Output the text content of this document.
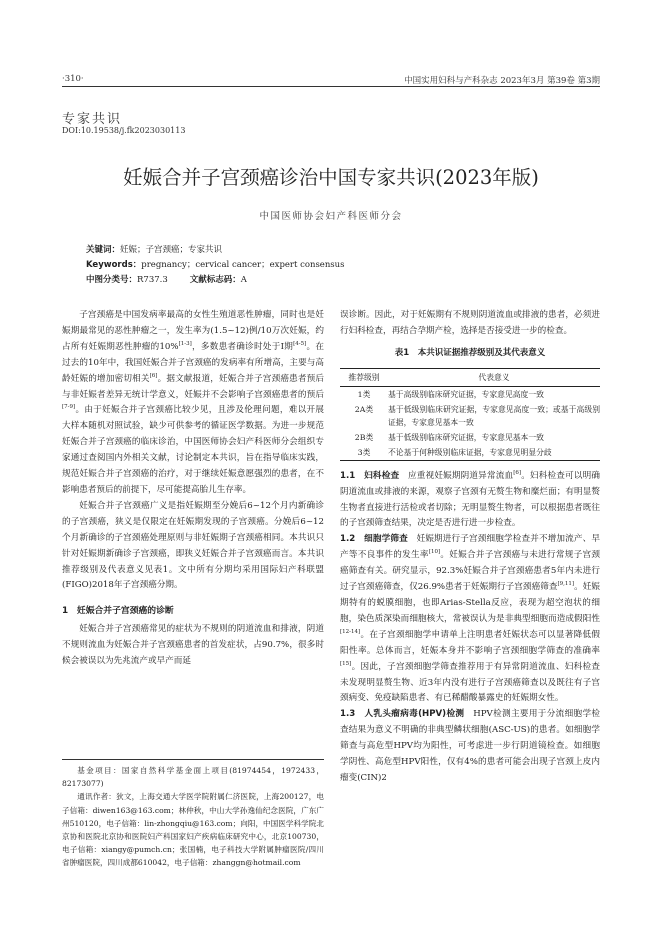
·310·	中国实用妇科与产科杂志 2023年3月 第39卷 第3期
专家共识
DOI:10.19538/j.fk2023030113
妊娠合并子宫颈癌诊治中国专家共识(2023年版)
中国医师协会妇产科医师分会
关键词：妊娠；子宫颈癌；专家共识
Keywords：pregnancy；cervical cancer；expert consensus
中图分类号：R737.3	文献标志码：A

子宫颈癌是中国发病率最高的女性生殖道恶性肿瘤，同时也是妊娠期最常见的恶性肿瘤之一，发生率为(1.5~12)例/10万次妊娠，约占所有妊娠期恶性肿瘤的10%[1-3]，多数患者确诊时处于Ⅰ期[4-5]。在过去的10年中，我国妊娠合并子宫颈癌的发病率有所增高，主要与高龄妊娠的增加密切相关[6]。据文献报道，妊娠合并子宫颈癌患者预后与非妊娠者差异无统计学意义，妊娠并不会影响子宫颈癌患者的预后[7-9]。由于妊娠合并子宫颈癌比较少见，且涉及伦理问题，难以开展大样本随机对照试验，缺少可供参考的循证医学数据。为进一步规范妊娠合并子宫颈癌的临床诊治，中国医师协会妇产科医师分会组织专家通过查阅国内外相关文献，讨论制定本共识，旨在指导临床实践，规范妊娠合并子宫颈癌的治疗，对于继续妊娠意愿强烈的患者，在不影响患者预后的前提下，尽可能提高胎儿生存率。

妊娠合并子宫颈癌广义是指妊娠期至分娩后6~12个月内新确诊的子宫颈癌，狭义是仅限定在妊娠期发现的子宫颈癌。分娩后6~12个月新确诊的子宫颈癌处理原则与非妊娠期子宫颈癌相同。本共识只针对妊娠期新确诊子宫颈癌，即狭义妊娠合并子宫颈癌而言。本共识推荐级别及代表意义见表1。文中所有分期均采用国际妇产科联盟(FIGO)2018年子宫颈癌分期。

1　妊娠合并子宫颈癌的诊断

妊娠合并子宫颈癌常见的症状为不规则的阴道流血和排液，阴道不规则流血为妊娠合并子宫颈癌患者的首发症状，占90.7%，很多时候会被误以为先兆流产或早产而延

基金项目：国家自然科学基金面上项目(81974454，1972433，82173077)

通讯作者：狄文，上海交通大学医学院附属仁济医院，上海200127，电子信箱：diwen163@163.com；林仲秋，中山大学孙逸仙纪念医院，广东广州510120，电子信箱：lin-zhongqiu@163.com；向阳，中国医学科学院北京协和医院北京协和医院妇产科国家妇产疾病临床研究中心，北京100730，电子信箱：xiangy@pumch.cn；张国楠，电子科技大学附属肿瘤医院/四川省肿瘤医院，四川成都610042，电子信箱：zhanggn@hotmail.com

误诊断。因此，对于妊娠期有不规则阴道流血或排液的患者，必须进行妇科检查，再结合孕期产检，选择是否接受进一步的检查。

表1　本共识证据推荐级别及其代表意义
推荐级别	代表意义
1类	基于高级别临床研究证据，专家意见高度一致
2A类	基于低级别临床研究证据，专家意见高度一致；或基于高级别证据，专家意见基本一致
2B类	基于低级别临床研究证据，专家意见基本一致
3类	不论基于何种级别临床证据，专家意见明显分歧

1.1　妇科检查　 应重视妊娠期阴道异常流血[6]。妇科检查可以明确阴道流血或排液的来源，观察子宫颈有无赘生物和糜烂面；有明显赘生物者直接进行活检或者切除；无明显赘生物者，可以根据患者既往的子宫颈筛查结果，决定是否进行进一步检查。

1.2　细胞学筛查　 妊娠期进行子宫颈细胞学检查并不增加流产、早产等不良事件的发生率[10]。妊娠合并子宫颈癌与未进行常规子宫颈癌筛查有关。研究显示，92.3%妊娠合并子宫颈癌患者5年内未进行过子宫颈癌筛查，仅26.9%患者于妊娠期行子宫颈癌筛查[9,11]。妊娠期特有的蜕膜细胞，也即Arias-Stella反应，表现为超空泡状的细胞，染色质深染而细胞核大，常被误认为是非典型细胞而造成假阳性[12-14]。在子宫颈细胞学申请单上注明患者妊娠状态可以显著降低假阳性率。总体而言，妊娠本身并不影响子宫颈细胞学筛查的准确率[15]。因此，子宫颈细胞学筛查推荐用于有异常阴道流血、妇科检查未发现明显赘生物、近3年内没有进行子宫颈癌筛查以及既往有子宫颈病变、免疫缺陷患者、有已稀醋酸暴露史的妊娠期女性。

1.3　人乳头瘤病毒(HPV)检测　 HPV检测主要用于分流细胞学检查结果为意义不明确的非典型鳞状细胞(ASC-US)的患者。如细胞学筛查与高危型HPV均为阳性，可考虑进一步行阴道镜检查。如细胞学阴性、高危型HPV阳性，仅有4%的患者可能会出现子宫颈上皮内瘤变(CIN)2
